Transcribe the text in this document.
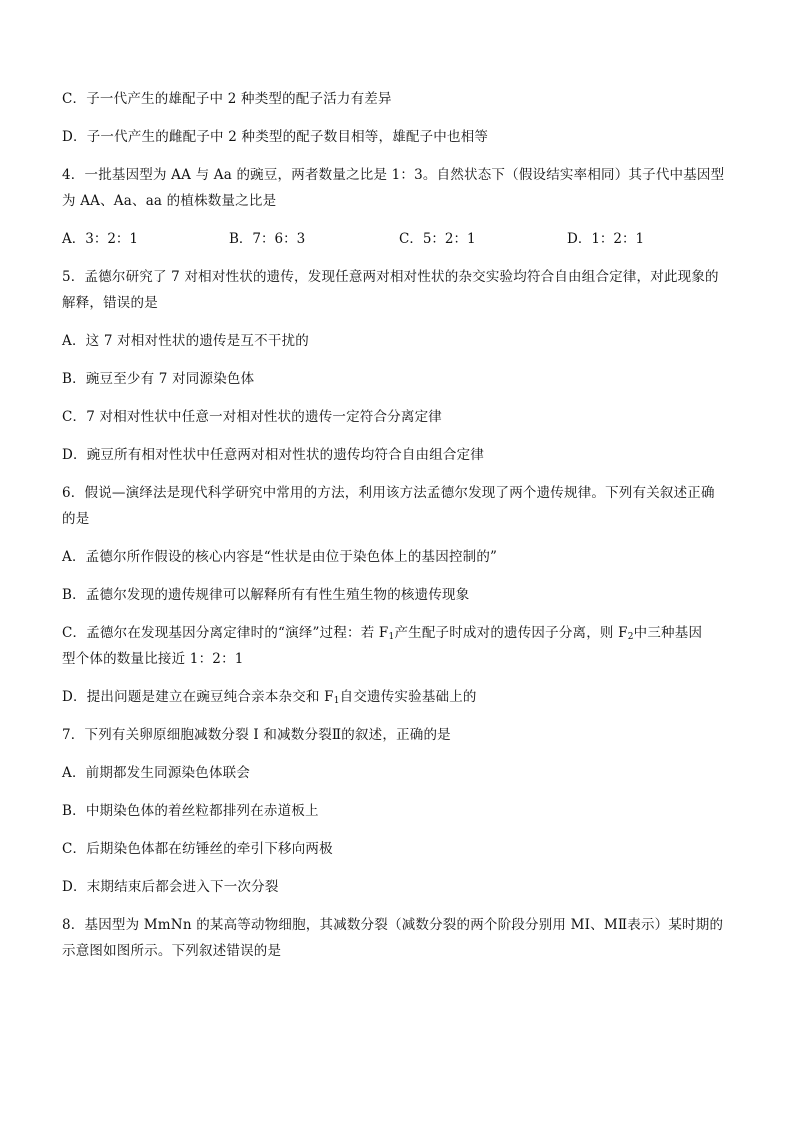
C．子一代产生的雄配子中 2 种类型的配子活力有差异
D．子一代产生的雌配子中 2 种类型的配子数目相等，雄配子中也相等
4．一批基因型为 AA 与 Aa 的豌豆，两者数量之比是 1：3。自然状态下（假设结实率相同）其子代中基因型
为 AA、Aa、aa 的植株数量之比是
A．3：2：1	B．7：6：3	C．5：2：1	D．1：2：1
5．孟德尔研究了 7 对相对性状的遗传，发现任意两对相对性状的杂交实验均符合自由组合定律，对此现象的
解释，错误的是
A．这 7 对相对性状的遗传是互不干扰的
B．豌豆至少有 7 对同源染色体
C．7 对相对性状中任意一对相对性状的遗传一定符合分离定律
D．豌豆所有相对性状中任意两对相对性状的遗传均符合自由组合定律
6．假说—演绎法是现代科学研究中常用的方法，利用该方法孟德尔发现了两个遗传规律。下列有关叙述正确
的是
A．孟德尔所作假设的核心内容是“性状是由位于染色体上的基因控制的”
B．孟德尔发现的遗传规律可以解释所有有性生殖生物的核遗传现象
C．孟德尔在发现基因分离定律时的“演绎”过程：若 $F_1$产生配子时成对的遗传因子分离，则 $F_2$中三种基因
型个体的数量比接近 1：2：1
D．提出问题是建立在豌豆纯合亲本杂交和 $F_1$自交遗传实验基础上的
7．下列有关卵原细胞减数分裂 I 和减数分裂Ⅱ的叙述，正确的是
A．前期都发生同源染色体联会
B．中期染色体的着丝粒都排列在赤道板上
C．后期染色体都在纺锤丝的牵引下移向两极
D．末期结束后都会进入下一次分裂
8．基因型为 MmNn 的某高等动物细胞，其减数分裂（减数分裂的两个阶段分别用 MI、MⅡ表示）某时期的
示意图如图所示。下列叙述错误的是
